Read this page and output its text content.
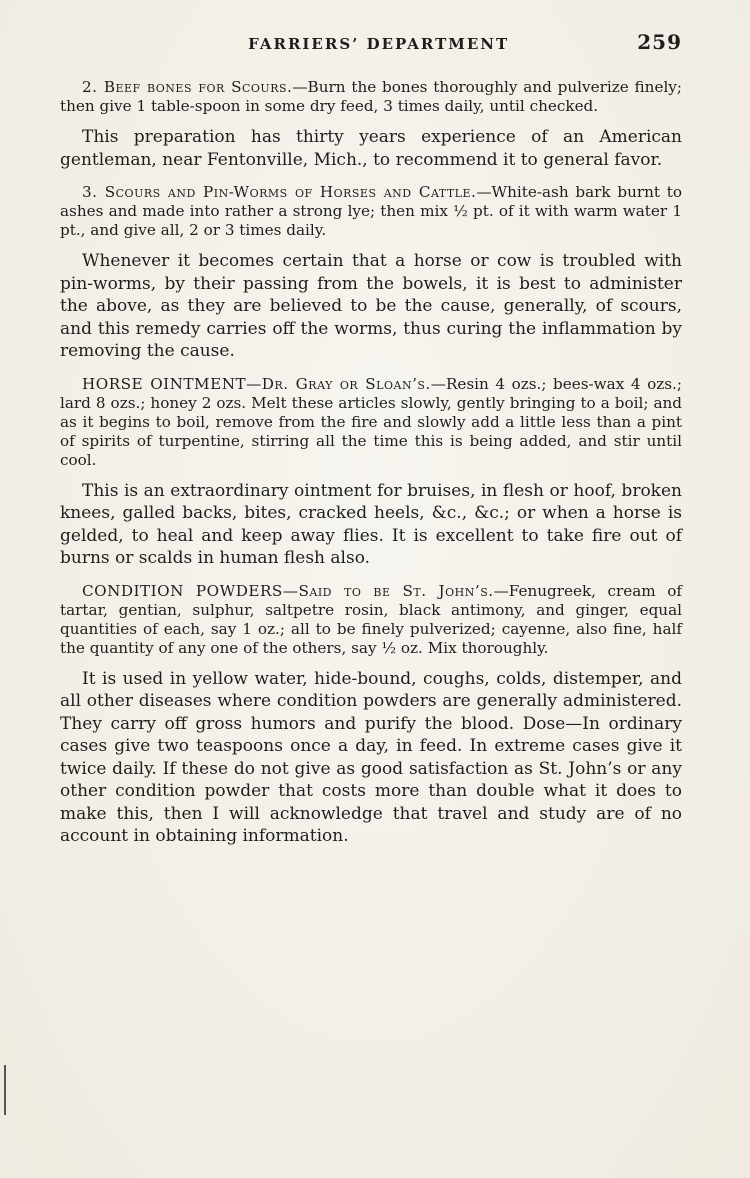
FARRIERS’ DEPARTMENT	259

2. Beef bones for Scours.—Burn the bones thoroughly and pulverize finely; then give 1 table-spoon in some dry feed, 3 times daily, until checked.

This preparation has thirty years experience of an American gentleman, near Fentonville, Mich., to recommend it to general favor.

3. Scours and Pin-Worms of Horses and Cattle.—White-ash bark burnt to ashes and made into rather a strong lye; then mix ½ pt. of it with warm water 1 pt., and give all, 2 or 3 times daily.

Whenever it becomes certain that a horse or cow is troubled with pin-worms, by their passing from the bowels, it is best to administer the above, as they are believed to be the cause, generally, of scours, and this remedy carries off the worms, thus curing the inflammation by removing the cause.

HORSE OINTMENT—Dr. Gray or Sloan’s.—Resin 4 ozs.; bees-wax 4 ozs.; lard 8 ozs.; honey 2 ozs. Melt these articles slowly, gently bringing to a boil; and as it begins to boil, remove from the fire and slowly add a little less than a pint of spirits of turpentine, stirring all the time this is being added, and stir until cool.

This is an extraordinary ointment for bruises, in flesh or hoof, broken knees, galled backs, bites, cracked heels, &c., &c.; or when a horse is gelded, to heal and keep away flies. It is excellent to take fire out of burns or scalds in human flesh also.

CONDITION POWDERS—Said to be St. John’s.—Fenugreek, cream of tartar, gentian, sulphur, saltpetre rosin, black antimony, and ginger, equal quantities of each, say 1 oz.; all to be finely pulverized; cayenne, also fine, half the quantity of any one of the others, say ½ oz. Mix thoroughly.

It is used in yellow water, hide-bound, coughs, colds, distemper, and all other diseases where condition powders are generally administered. They carry off gross humors and purify the blood. Dose—In ordinary cases give two teaspoons once a day, in feed. In extreme cases give it twice daily. If these do not give as good satisfaction as St. John’s or any other condition powder that costs more than double what it does to make this, then I will acknowledge that travel and study are of no account in obtaining information.
